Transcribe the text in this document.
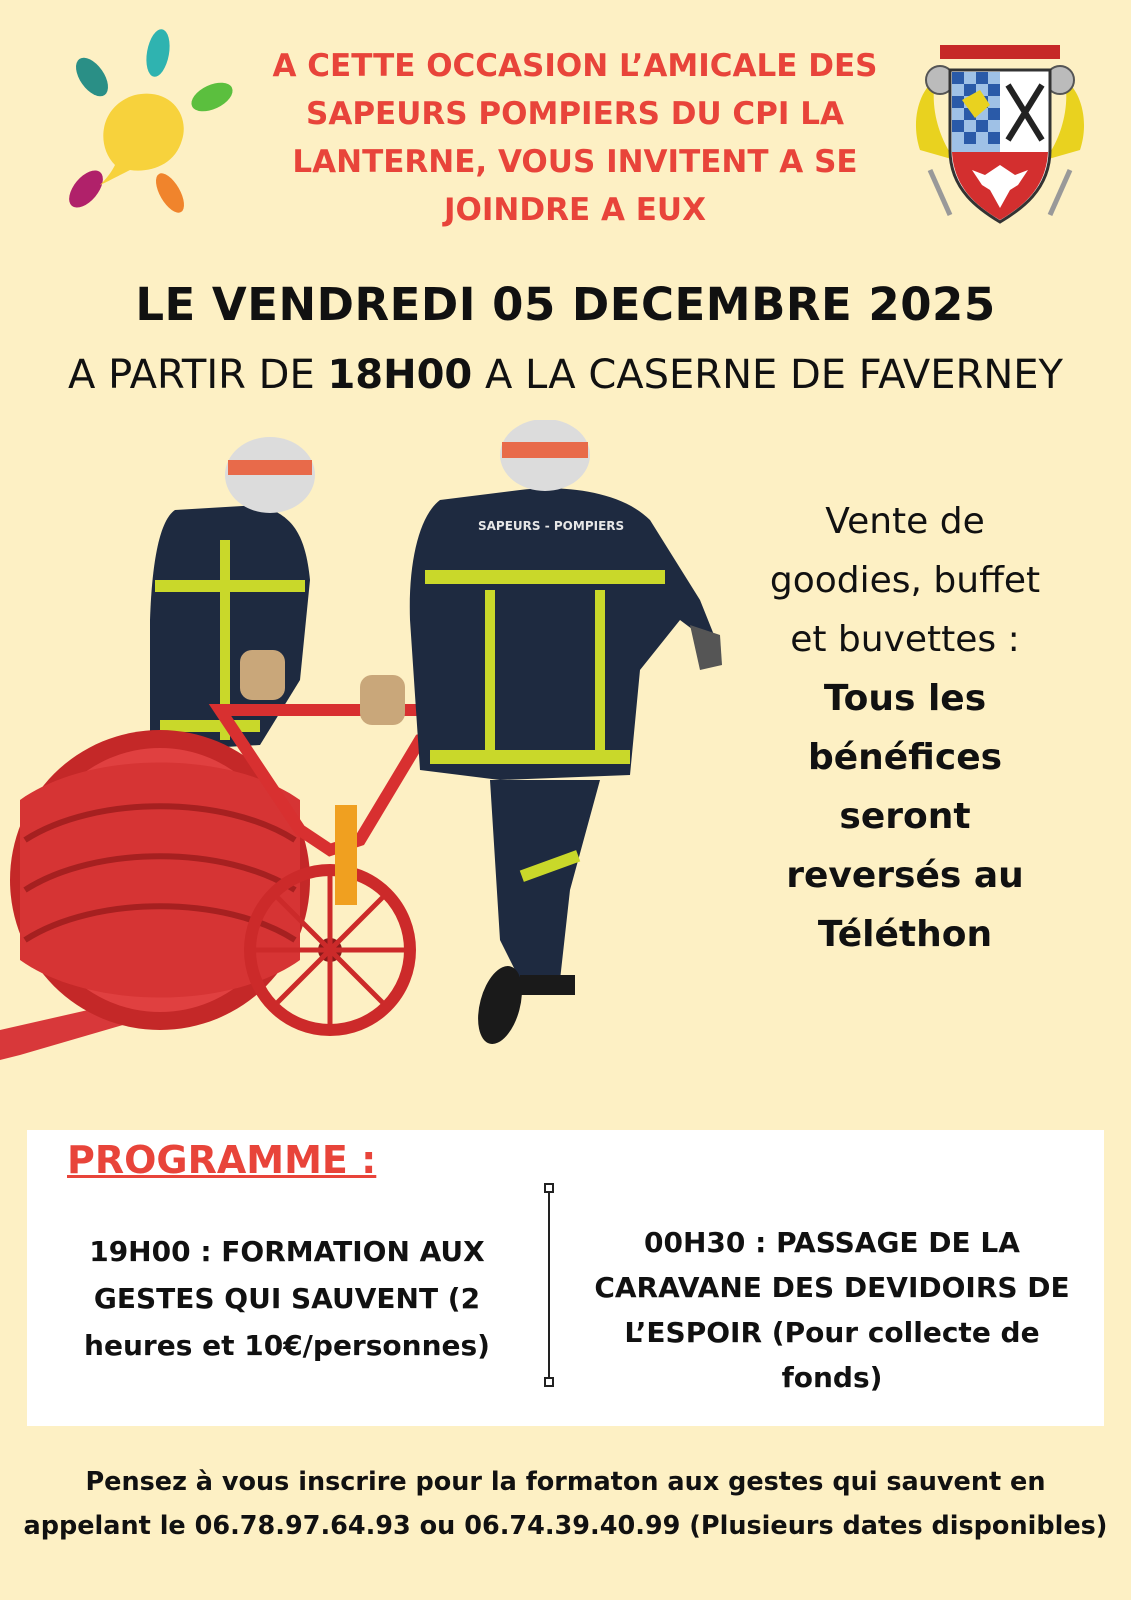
A CETTE OCCASION L’AMICALE DES
SAPEURS POMPIERS DU CPI LA
LANTERNE, VOUS INVITENT A SE
JOINDRE A EUX
LE VENDREDI 05 DECEMBRE 2025
A PARTIR DE 18H00 A LA CASERNE DE FAVERNEY
SAPEURS - POMPIERS	Vente de
goodies, buffet
et buvettes :
Tous les
bénéfices
seront
reversés au
Téléthon
PROGRAMME :
19H00 : FORMATION AUX
GESTES QUI SAUVENT (2
heures et 10€/personnes)
00H30 : PASSAGE DE LA
CARAVANE DES DEVIDOIRS DE
L’ESPOIR (Pour collecte de
fonds)
Pensez à vous inscrire pour la formaton aux gestes qui sauvent en
appelant le 06.78.97.64.93 ou 06.74.39.40.99 (Plusieurs dates disponibles)
